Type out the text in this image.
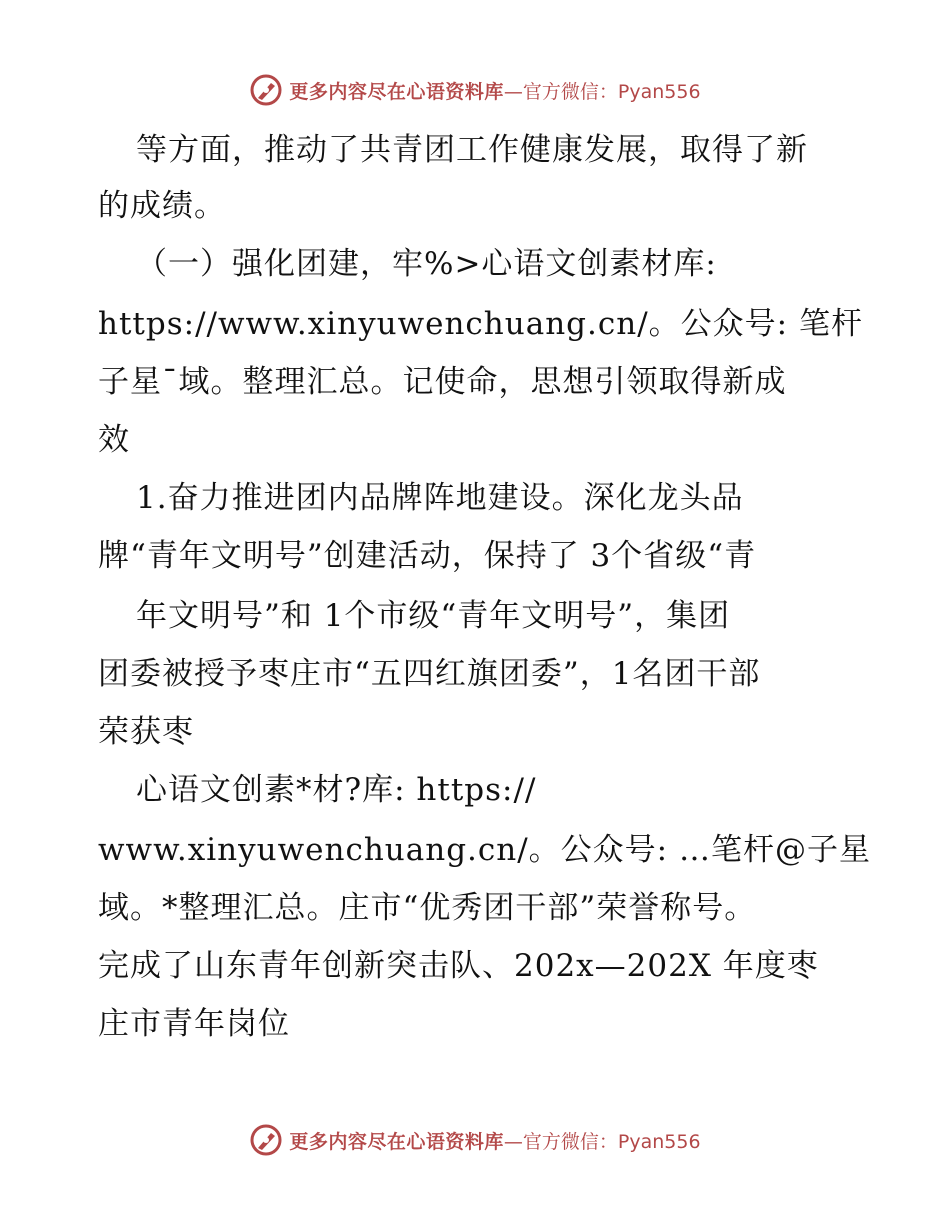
更多内容尽在心语资料库 —官方微信：Pyan556
等方面，推动了共青团工作健康发展，取得了新
的成绩。
（一）强化团建，牢%>心语文创素材库:
https://www.xinyuwenchuang.cn/。公众号: 笔杆
子星¯域。整理汇总。记使命，思想引领取得新成
效
1.奋力推进团内品牌阵地建设。深化龙头品
牌“青年文明号”创建活动，保持了 3个省级“青
年文明号”和 1个市级“青年文明号”，集团
团委被授予枣庄市“五四红旗团委”，1名团干部
荣获枣
心语文创素*材?库: https://
www.xinyuwenchuang.cn/。公众号: …笔杆@子星
域。*整理汇总。庄市“优秀团干部”荣誉称号。
完成了山东青年创新突击队、202x—202X 年度枣
庄市青年岗位
更多内容尽在心语资料库 —官方微信：Pyan556
